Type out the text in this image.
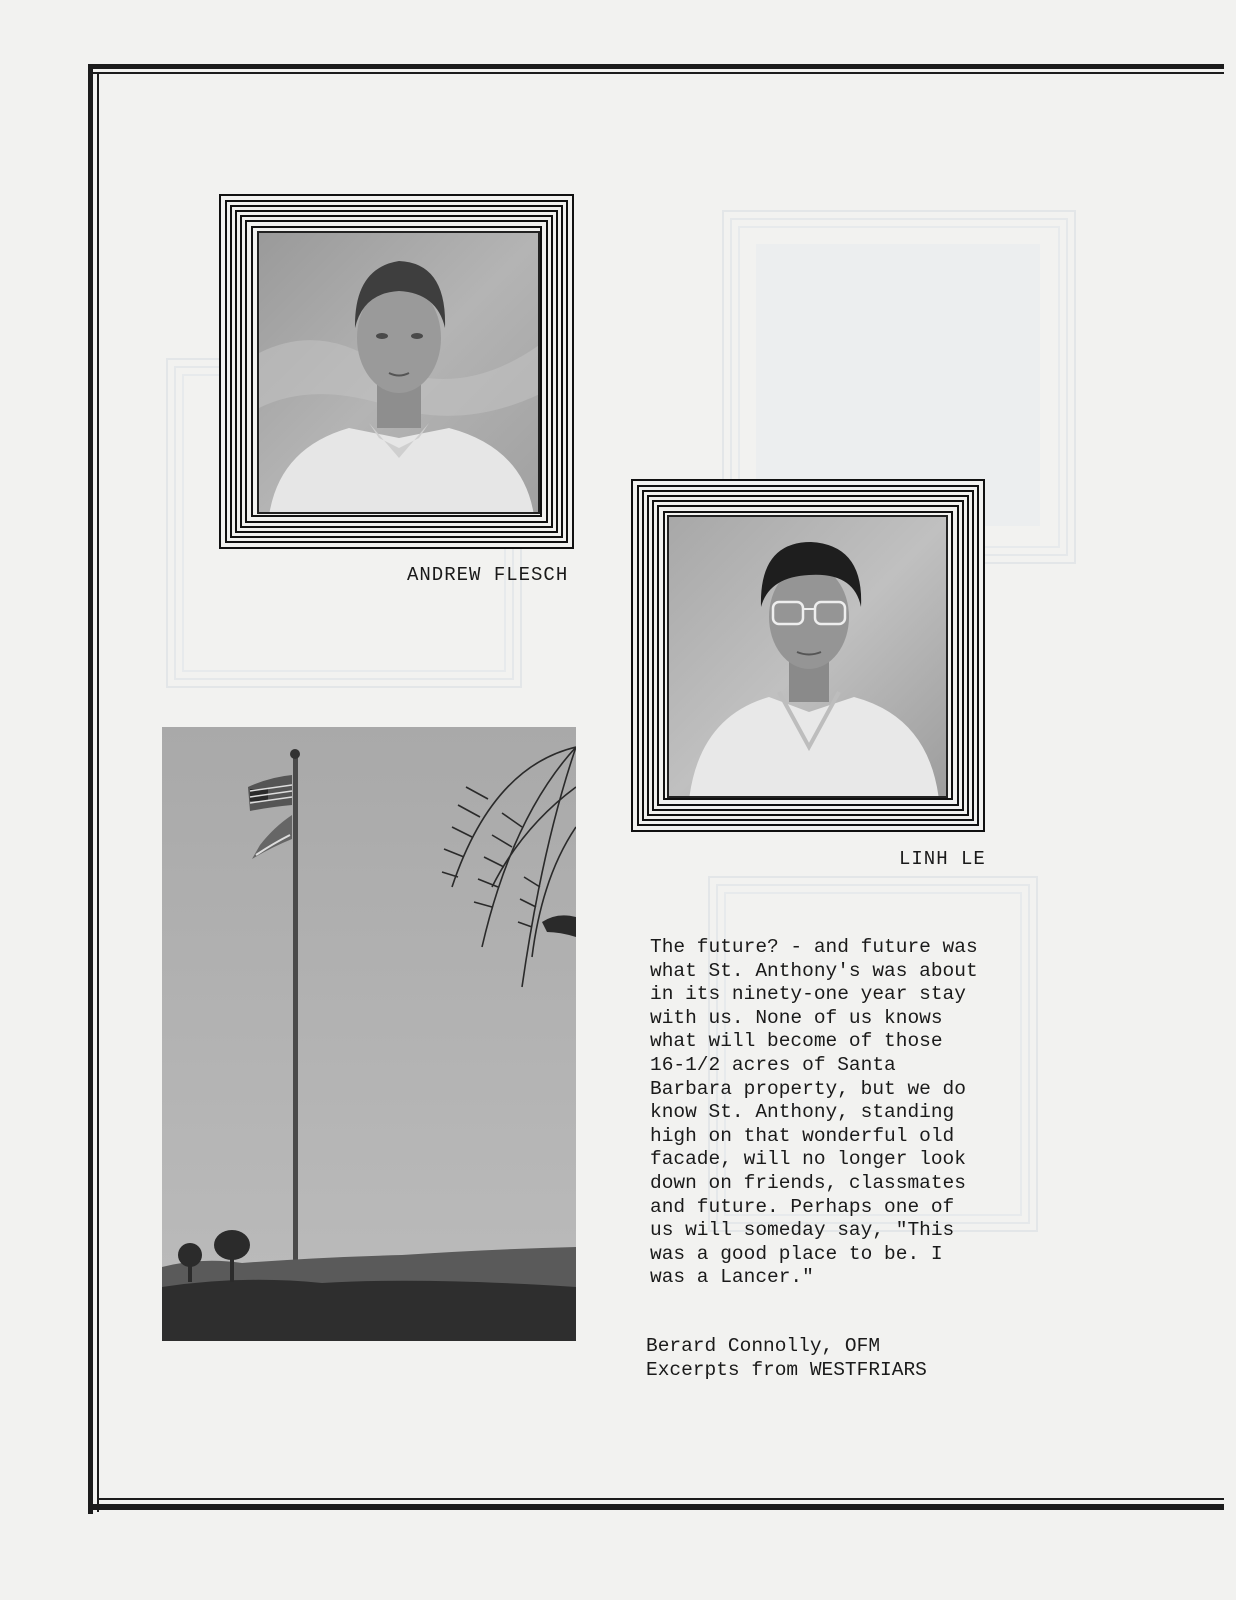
ANDREW FLESCH
LINH LE
The future? - and future was
what St. Anthony's was about
in its ninety-one year stay
with us. None of us knows
what will become of those
16-1/2 acres of Santa
Barbara property, but we do
know St. Anthony, standing
high on that wonderful old
facade, will no longer look
down on friends, classmates
and future. Perhaps one of
us will someday say, "This
was a good place to be. I
was a Lancer."
Berard Connolly, OFM
Excerpts from WESTFRIARS
